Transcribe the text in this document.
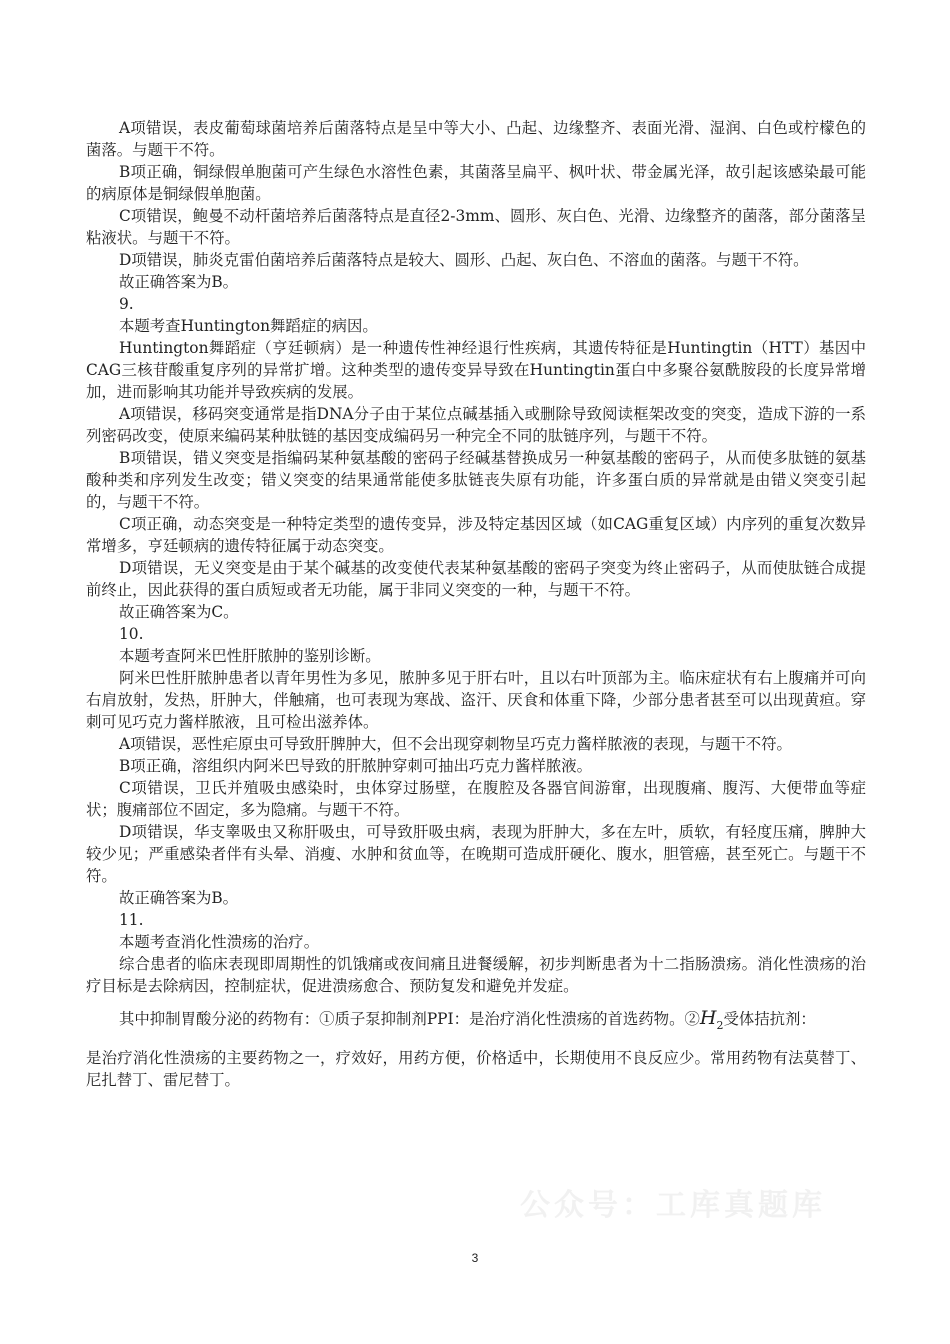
A项错误，表皮葡萄球菌培养后菌落特点是呈中等大小、凸起、边缘整齐、表面光滑、湿润、白色或柠檬色的菌落。与题干不符。

B项正确，铜绿假单胞菌可产生绿色水溶性色素，其菌落呈扁平、枫叶状、带金属光泽，故引起该感染最可能的病原体是铜绿假单胞菌。

C项错误，鲍曼不动杆菌培养后菌落特点是直径2-3mm、圆形、灰白色、光滑、边缘整齐的菌落，部分菌落呈粘液状。与题干不符。

D项错误，肺炎克雷伯菌培养后菌落特点是较大、圆形、凸起、灰白色、不溶血的菌落。与题干不符。

故正确答案为B。

9.

本题考查Huntington舞蹈症的病因。

Huntington舞蹈症（亨廷顿病）是一种遗传性神经退行性疾病，其遗传特征是Huntingtin（HTT）基因中CAG三核苷酸重复序列的异常扩增。这种类型的遗传变异导致在Huntingtin蛋白中多聚谷氨酰胺段的长度异常增加，进而影响其功能并导致疾病的发展。

A项错误，移码突变通常是指DNA分子由于某位点碱基插入或删除导致阅读框架改变的突变，造成下游的一系列密码改变，使原来编码某种肽链的基因变成编码另一种完全不同的肽链序列，与题干不符。

B项错误，错义突变是指编码某种氨基酸的密码子经碱基替换成另一种氨基酸的密码子，从而使多肽链的氨基酸种类和序列发生改变；错义突变的结果通常能使多肽链丧失原有功能，许多蛋白质的异常就是由错义突变引起的，与题干不符。

C项正确，动态突变是一种特定类型的遗传变异，涉及特定基因区域（如CAG重复区域）内序列的重复次数异常增多，亨廷顿病的遗传特征属于动态突变。

D项错误，无义突变是由于某个碱基的改变使代表某种氨基酸的密码子突变为终止密码子，从而使肽链合成提前终止，因此获得的蛋白质短或者无功能，属于非同义突变的一种，与题干不符。

故正确答案为C。

10.

本题考查阿米巴性肝脓肿的鉴别诊断。

阿米巴性肝脓肿患者以青年男性为多见，脓肿多见于肝右叶，且以右叶顶部为主。临床症状有右上腹痛并可向右肩放射，发热，肝肿大，伴触痛，也可表现为寒战、盗汗、厌食和体重下降，少部分患者甚至可以出现黄疸。穿刺可见巧克力酱样脓液，且可检出滋养体。

A项错误，恶性疟原虫可导致肝脾肿大，但不会出现穿刺物呈巧克力酱样脓液的表现，与题干不符。

B项正确，溶组织内阿米巴导致的肝脓肿穿刺可抽出巧克力酱样脓液。

C项错误，卫氏并殖吸虫感染时，虫体穿过肠壁，在腹腔及各器官间游窜，出现腹痛、腹泻、大便带血等症状；腹痛部位不固定，多为隐痛。与题干不符。

D项错误，华支睾吸虫又称肝吸虫，可导致肝吸虫病，表现为肝肿大，多在左叶，质软，有轻度压痛，脾肿大较少见；严重感染者伴有头晕、消瘦、水肿和贫血等，在晚期可造成肝硬化、腹水，胆管癌，甚至死亡。与题干不符。

故正确答案为B。

11.

本题考查消化性溃疡的治疗。

综合患者的临床表现即周期性的饥饿痛或夜间痛且进餐缓解，初步判断患者为十二指肠溃疡。消化性溃疡的治疗目标是去除病因，控制症状，促进溃疡愈合、预防复发和避免并发症。

其中抑制胃酸分泌的药物有：①质子泵抑制剂PPI：是治疗消化性溃疡的首选药物。$②H_2$受体拮抗剂：

是治疗消化性溃疡的主要药物之一，疗效好，用药方便，价格适中，长期使用不良反应少。常用药物有法莫替丁、尼扎替丁、雷尼替丁。

公众号：工库真题库
3
